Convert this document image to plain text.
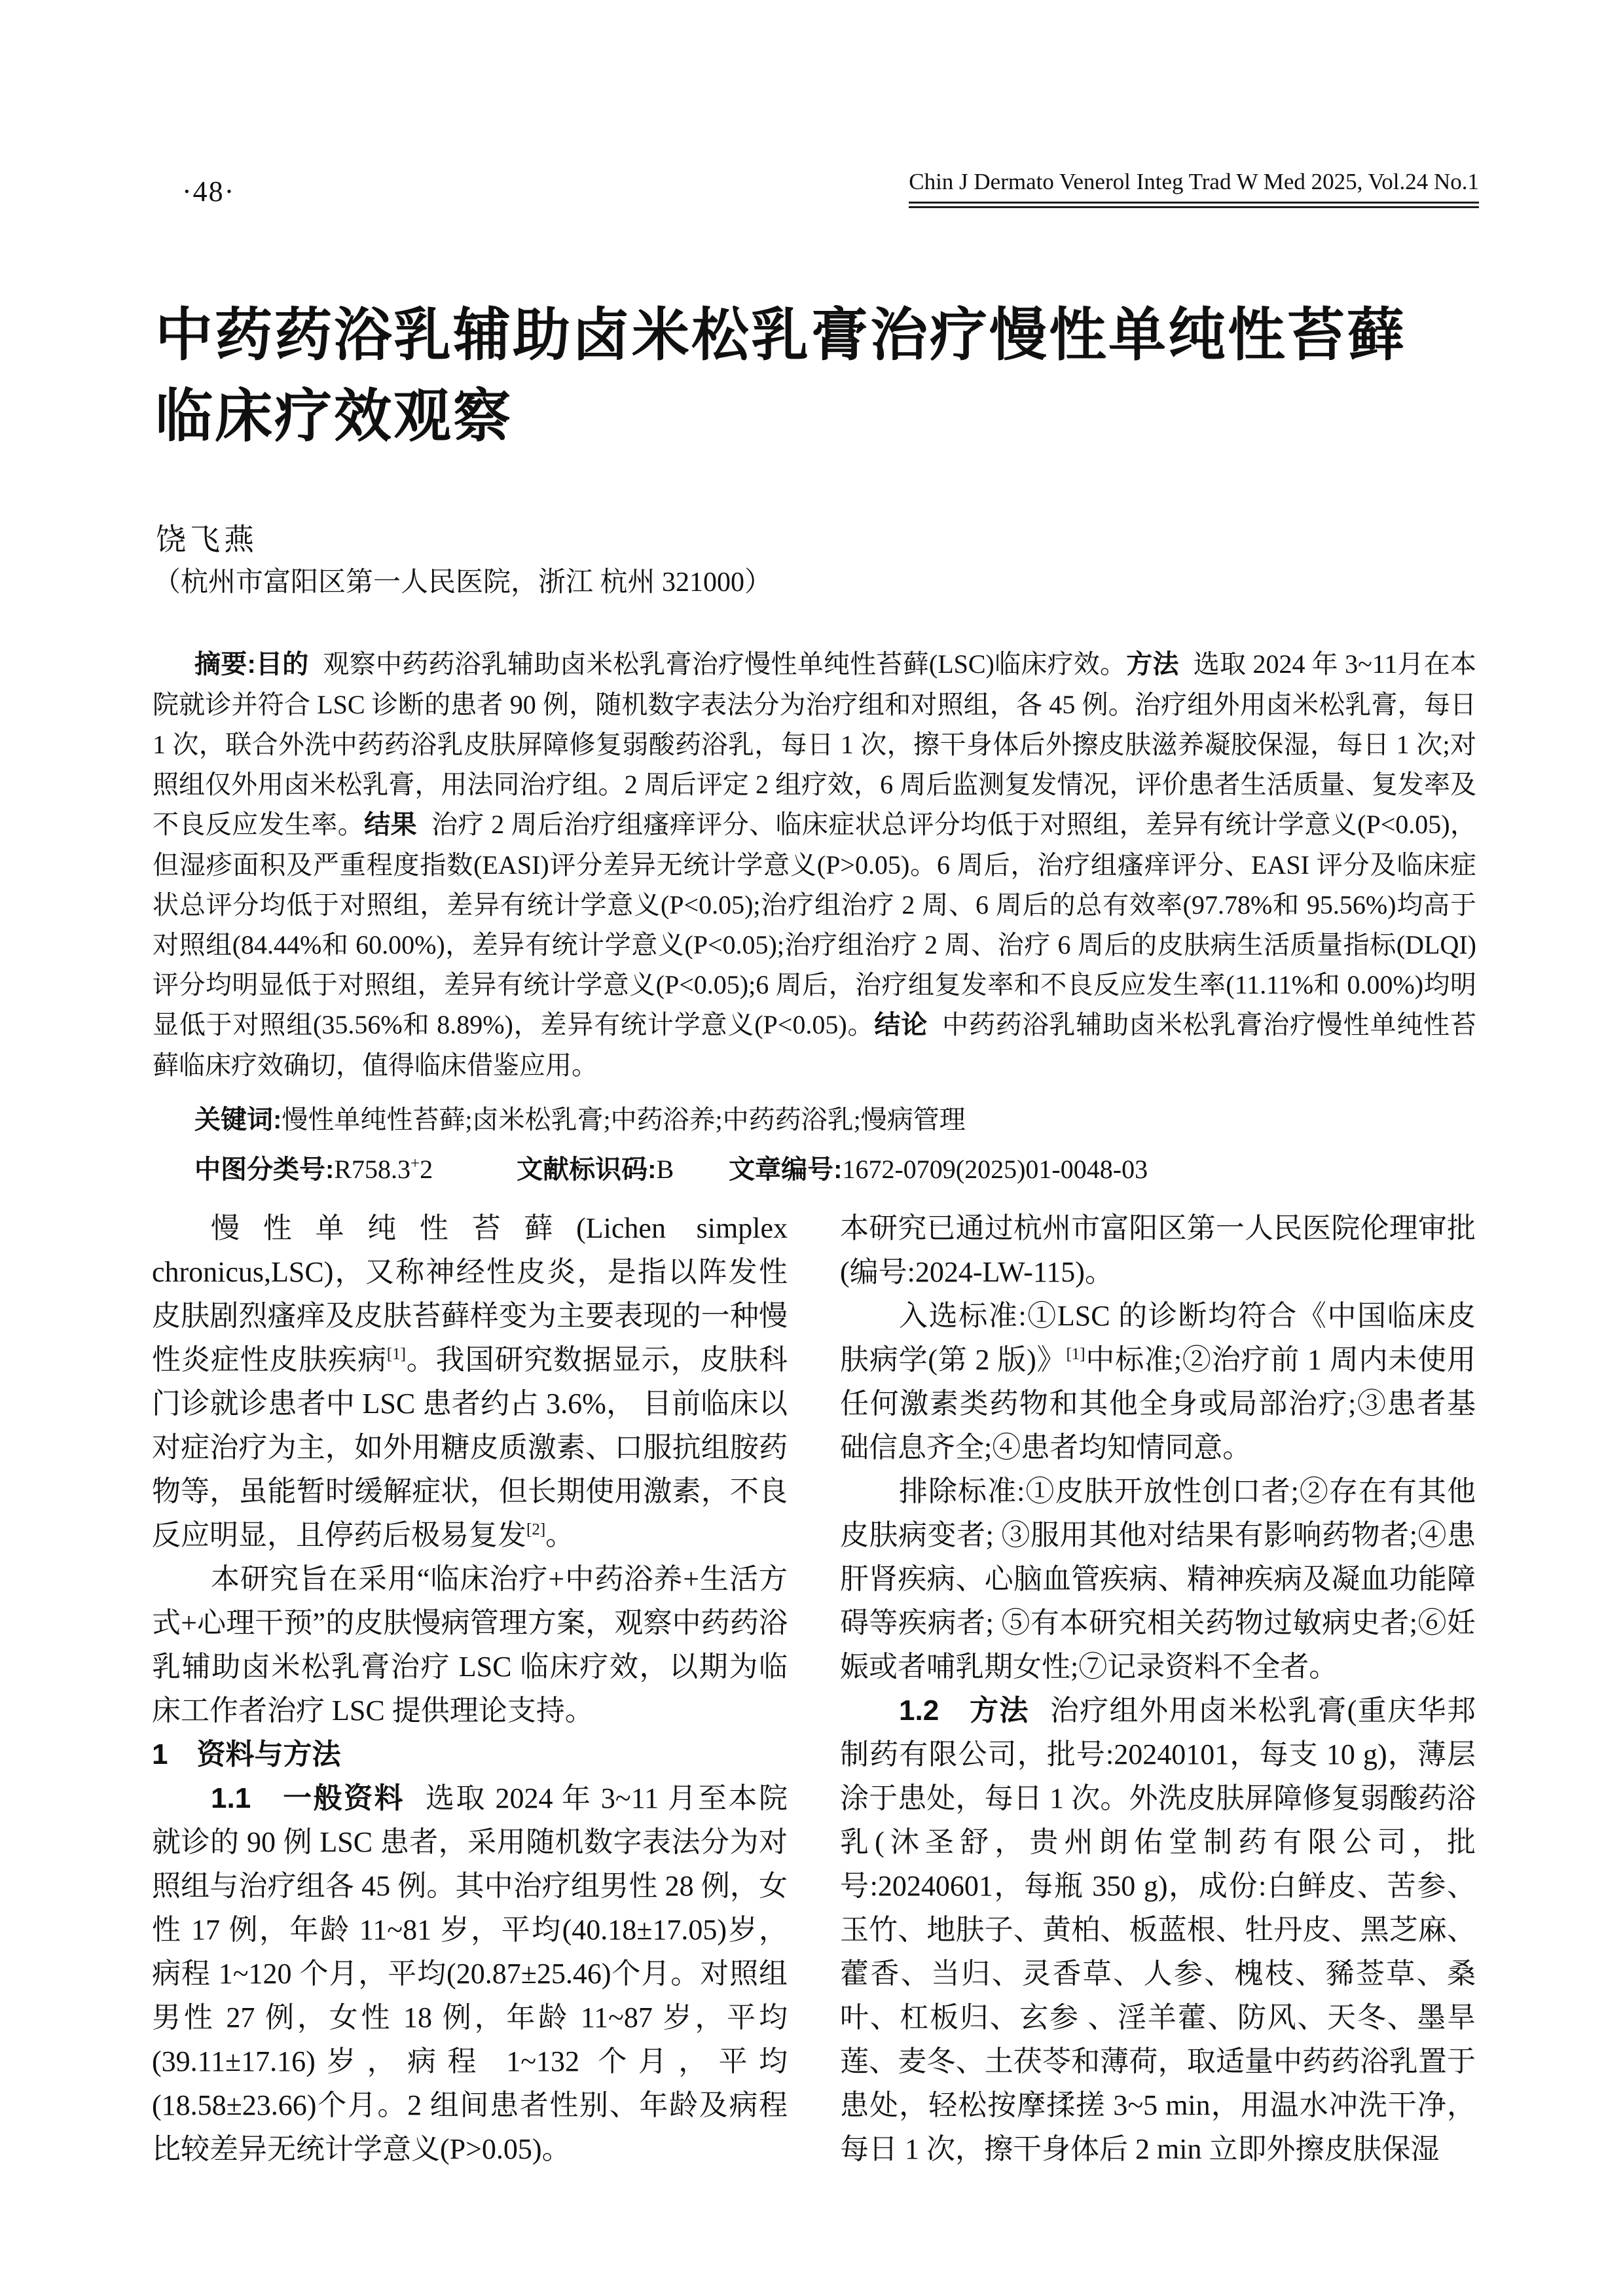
·48·	Chin J Dermato Venerol Integ Trad W Med 2025, Vol.24 No.1
中药药浴乳辅助卤米松乳膏治疗慢性单纯性苔藓
临床疗效观察
饶飞燕
（杭州市富阳区第一人民医院，浙江 杭州 321000）

摘要:目的 观察中药药浴乳辅助卤米松乳膏治疗慢性单纯性苔藓(LSC)临床疗效。方法 选取 2024 年 3~11月在本院就诊并符合 LSC 诊断的患者 90 例，随机数字表法分为治疗组和对照组，各 45 例。治疗组外用卤米松乳膏，每日 1 次，联合外洗中药药浴乳皮肤屏障修复弱酸药浴乳，每日 1 次，擦干身体后外擦皮肤滋养凝胶保湿，每日 1 次;对照组仅外用卤米松乳膏，用法同治疗组。2 周后评定 2 组疗效，6 周后监测复发情况，评价患者生活质量、复发率及不良反应发生率。结果 治疗 2 周后治疗组瘙痒评分、临床症状总评分均低于对照组，差异有统计学意义(P<0.05)，但湿疹面积及严重程度指数(EASI)评分差异无统计学意义(P>0.05)。6 周后，治疗组瘙痒评分、EASI 评分及临床症状总评分均低于对照组，差异有统计学意义(P<0.05);治疗组治疗 2 周、6 周后的总有效率(97.78%和 95.56%)均高于对照组(84.44%和 60.00%)，差异有统计学意义(P<0.05);治疗组治疗 2 周、治疗 6 周后的皮肤病生活质量指标(DLQI)评分均明显低于对照组，差异有统计学意义(P<0.05);6 周后，治疗组复发率和不良反应发生率(11.11%和 0.00%)均明显低于对照组(35.56%和 8.89%)，差异有统计学意义(P<0.05)。结论 中药药浴乳辅助卤米松乳膏治疗慢性单纯性苔藓临床疗效确切，值得临床借鉴应用。

关键词:慢性单纯性苔藓;卤米松乳膏;中药浴养;中药药浴乳;慢病管理

中图分类号:R758.3+2	文献标识码:B 文章编号:1672-0709(2025)01-0048-03

慢性单纯性苔藓(Lichen simplex chronicus,LSC)，又称神经性皮炎，是指以阵发性皮肤剧烈瘙痒及皮肤苔藓样变为主要表现的一种慢性炎症性皮肤疾病[1]。我国研究数据显示，皮肤科门诊就诊患者中 LSC 患者约占 3.6%， 目前临床以对症治疗为主，如外用糖皮质激素、口服抗组胺药物等，虽能暂时缓解症状，但长期使用激素，不良反应明显，且停药后极易复发[2]。

本研究旨在采用“临床治疗+中药浴养+生活方式+心理干预”的皮肤慢病管理方案，观察中药药浴乳辅助卤米松乳膏治疗 LSC 临床疗效，以期为临床工作者治疗 LSC 提供理论支持。

1　资料与方法

1.1　一般资料 选取 2024 年 3~11 月至本院就诊的 90 例 LSC 患者，采用随机数字表法分为对照组与治疗组各 45 例。其中治疗组男性 28 例，女性 17 例，年龄 11~81 岁，平均(40.18±17.05)岁，病程 1~120 个月，平均(20.87±25.46)个月。对照组男性 27 例，女性 18 例，年龄 11~87 岁，平均(39.11±17.16)岁，病程 1~132 个月，平均(18.58±23.66)个月。2 组间患者性别、年龄及病程比较差异无统计学意义(P>0.05)。

本研究已通过杭州市富阳区第一人民医院伦理审批(编号:2024-LW-115)。

入选标准:①LSC 的诊断均符合《中国临床皮肤病学(第 2 版)》[1]中标准;②治疗前 1 周内未使用任何激素类药物和其他全身或局部治疗;③患者基础信息齐全;④患者均知情同意。

排除标准:①皮肤开放性创口者;②存在有其他皮肤病变者; ③服用其他对结果有影响药物者;④患肝肾疾病、心脑血管疾病、精神疾病及凝血功能障碍等疾病者; ⑤有本研究相关药物过敏病史者;⑥妊娠或者哺乳期女性;⑦记录资料不全者。

1.2　方法 治疗组外用卤米松乳膏(重庆华邦制药有限公司，批号:20240101，每支 10 g)，薄层涂于患处，每日 1 次。外洗皮肤屏障修复弱酸药浴乳(沐圣舒，贵州朗佑堂制药有限公司，批号:20240601，每瓶 350 g)，成份:白鲜皮、苦参、玉竹、地肤子、黄柏、板蓝根、牡丹皮、黑芝麻、藿香、当归、灵香草、人参、槐枝、豨莶草、桑叶、杠板归、玄参 、淫羊藿、防风、天冬、墨旱莲、麦冬、土茯苓和薄荷，取适量中药药浴乳置于患处，轻松按摩揉搓 3~5 min，用温水冲洗干净，每日 1 次，擦干身体后 2 min 立即外擦皮肤保湿
